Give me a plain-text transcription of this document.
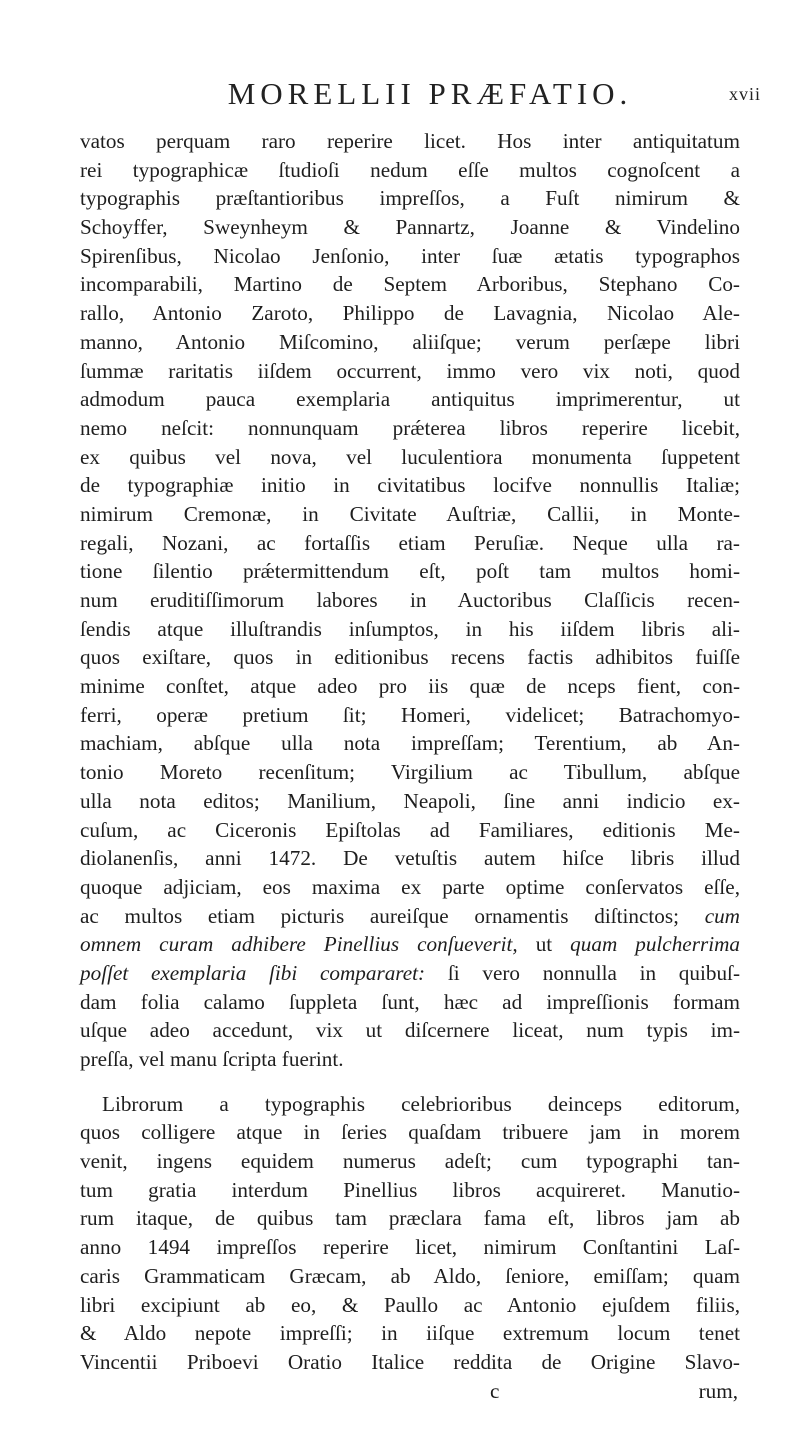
MORELLII PRÆFATIO.	xvii
vatos perquam raro reperire licet. Hos inter antiquitatum
rei typographicæ ſtudioſi nedum eſſe multos cognoſcent a
typographis præſtantioribus impreſſos, a Fuſt nimirum &
Schoyffer, Sweynheym & Pannartz, Joanne & Vindelino
Spirenſibus, Nicolao Jenſonio, inter ſuæ ætatis typographos
incomparabili, Martino de Septem Arboribus, Stephano Co-
rallo, Antonio Zaroto, Philippo de Lavagnia, Nicolao Ale-
manno, Antonio Miſcomino, aliiſque; verum perſæpe libri
ſummæ raritatis iiſdem occurrent, immo vero vix noti, quod
admodum pauca exemplaria antiquitus imprimerentur, ut
nemo neſcit: nonnunquam prǽterea libros reperire licebit,
ex quibus vel nova, vel luculentiora monumenta ſuppetent
de typographiæ initio in civitatibus locifve nonnullis Italiæ;
nimirum Cremonæ, in Civitate Auſtriæ, Callii, in Monte-
regali, Nozani, ac fortaſſis etiam Peruſiæ. Neque ulla ra-
tione ſilentio prǽtermittendum eſt, poſt tam multos homi-
num eruditiſſimorum labores in Auctoribus Claſſicis recen-
ſendis atque illuſtrandis inſumptos, in his iiſdem libris ali-
quos exiſtare, quos in editionibus recens factis adhibitos fuiſſe
minime conſtet, atque adeo pro iis quæ de nceps fient, con-
ferri, operæ pretium ſit; Homeri, videlicet; Batrachomyo-
machiam, abſque ulla nota impreſſam; Terentium, ab An-
tonio Moreto recenſitum; Virgilium ac Tibullum, abſque
ulla nota editos; Manilium, Neapoli, ſine anni indicio ex-
cuſum, ac Ciceronis Epiſtolas ad Familiares, editionis Me-
diolanenſis, anni 1472. De vetuſtis autem hiſce libris illud
quoque adjiciam, eos maxima ex parte optime conſervatos eſſe,
ac multos etiam picturis aureiſque ornamentis diſtinctos; cum
omnem curam adhibere Pinellius conſueverit, ut quam pulcherrima
poſſet exemplaria ſibi compararet: ſi vero nonnulla in quibuſ-
dam folia calamo ſuppleta ſunt, hæc ad impreſſionis formam
uſque adeo accedunt, vix ut diſcernere liceat, num typis im-
preſſa, vel manu ſcripta fuerint.
Librorum a typographis celebrioribus deinceps editorum,
quos colligere atque in ſeries quaſdam tribuere jam in morem
venit, ingens equidem numerus adeſt; cum typographi tan-
tum gratia interdum Pinellius libros acquireret. Manutio-
rum itaque, de quibus tam præclara fama eſt, libros jam ab
anno 1494 impreſſos reperire licet, nimirum Conſtantini Laſ-
caris Grammaticam Græcam, ab Aldo, ſeniore, emiſſam; quam
libri excipiunt ab eo, & Paullo ac Antonio ejuſdem filiis,
& Aldo nepote impreſſi; in iiſque extremum locum tenet
Vincentii Priboevi Oratio Italice reddita de Origine Slavo-
c	rum,
